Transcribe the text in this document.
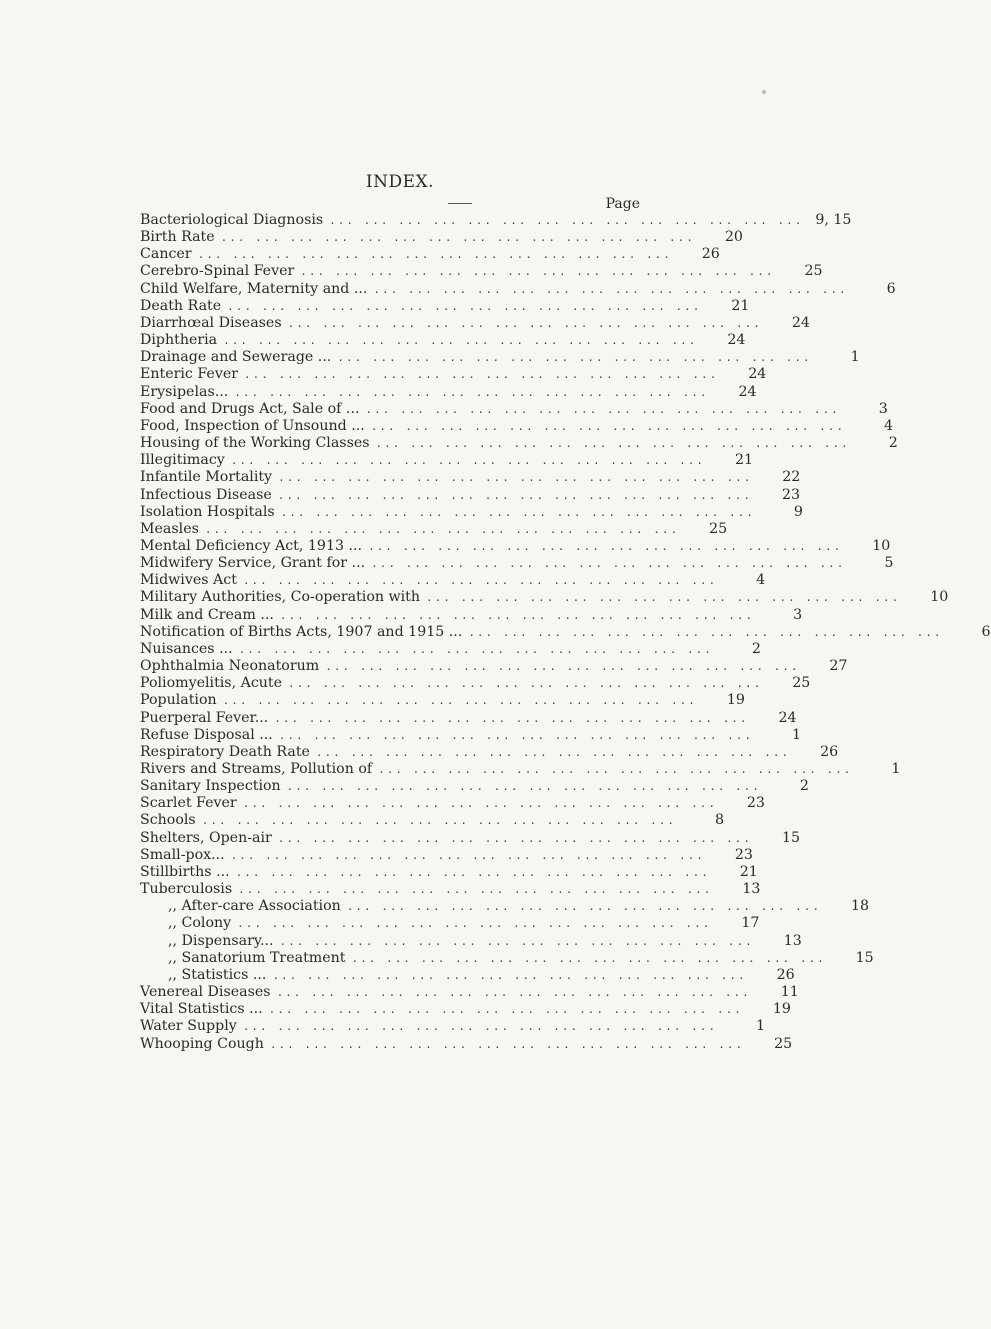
INDEX.
Page
Bacteriological Diagnosis ... ... ... ... ... ... ... ... ... ... ... ... ... ... 9, 15
Birth Rate ... ... ... ... ... ... ... ... ... ... ... ... ... ...	20
Cancer ... ... ... ... ... ... ... ... ... ... ... ... ... ...	26
Cerebro-Spinal Fever ... ... ... ... ... ... ... ... ... ... ... ... ... ...	25
Child Welfare, Maternity and ... ... ... ... ... ... ... ... ... ... ... ... ... ... ...	6
Death Rate ... ... ... ... ... ... ... ... ... ... ... ... ... ...	21
Diarrhœal Diseases ... ... ... ... ... ... ... ... ... ... ... ... ... ...	24
Diphtheria ... ... ... ... ... ... ... ... ... ... ... ... ... ...	24
Drainage and Sewerage ... ... ... ... ... ... ... ... ... ... ... ... ... ... ...	1
Enteric Fever ... ... ... ... ... ... ... ... ... ... ... ... ... ...	24
Erysipelas... ... ... ... ... ... ... ... ... ... ... ... ... ... ...	24
Food and Drugs Act, Sale of ... ... ... ... ... ... ... ... ... ... ... ... ... ... ...	3
Food, Inspection of Unsound ... ... ... ... ... ... ... ... ... ... ... ... ... ... ...	4
Housing of the Working Classes ... ... ... ... ... ... ... ... ... ... ... ... ... ...	2
Illegitimacy ... ... ... ... ... ... ... ... ... ... ... ... ... ...	21
Infantile Mortality ... ... ... ... ... ... ... ... ... ... ... ... ... ...	22
Infectious Disease ... ... ... ... ... ... ... ... ... ... ... ... ... ...	23
Isolation Hospitals ... ... ... ... ... ... ... ... ... ... ... ... ... ...	9
Measles ... ... ... ... ... ... ... ... ... ... ... ... ... ...	25
Mental Deficiency Act, 1913 ... ... ... ... ... ... ... ... ... ... ... ... ... ... ...	10
Midwifery Service, Grant for ... ... ... ... ... ... ... ... ... ... ... ... ... ... ...	5
Midwives Act ... ... ... ... ... ... ... ... ... ... ... ... ... ...	4
Military Authorities, Co-operation with ... ... ... ... ... ... ... ... ... ... ... ... ... ...	10
Milk and Cream ... ... ... ... ... ... ... ... ... ... ... ... ... ... ...	3
Notification of Births Acts, 1907 and 1915 ... ... ... ... ... ... ... ... ... ... ... ... ... ... ...	6
Nuisances ... ... ... ... ... ... ... ... ... ... ... ... ... ... ...	2
Ophthalmia Neonatorum ... ... ... ... ... ... ... ... ... ... ... ... ... ...	27
Poliomyelitis, Acute ... ... ... ... ... ... ... ... ... ... ... ... ... ...	25
Population ... ... ... ... ... ... ... ... ... ... ... ... ... ...	19
Puerperal Fever... ... ... ... ... ... ... ... ... ... ... ... ... ... ...	24
Refuse Disposal ... ... ... ... ... ... ... ... ... ... ... ... ... ... ...	1
Respiratory Death Rate ... ... ... ... ... ... ... ... ... ... ... ... ... ...	26
Rivers and Streams, Pollution of ... ... ... ... ... ... ... ... ... ... ... ... ... ...	1
Sanitary Inspection ... ... ... ... ... ... ... ... ... ... ... ... ... ...	2
Scarlet Fever ... ... ... ... ... ... ... ... ... ... ... ... ... ...	23
Schools ... ... ... ... ... ... ... ... ... ... ... ... ... ...	8
Shelters, Open-air ... ... ... ... ... ... ... ... ... ... ... ... ... ...	15
Small-pox... ... ... ... ... ... ... ... ... ... ... ... ... ... ...	23
Stillbirths ... ... ... ... ... ... ... ... ... ... ... ... ... ... ...	21
Tuberculosis ... ... ... ... ... ... ... ... ... ... ... ... ... ...	13
,, After-care Association ... ... ... ... ... ... ... ... ... ... ... ... ... ...	18
,, Colony ... ... ... ... ... ... ... ... ... ... ... ... ... ...	17
,, Dispensary... ... ... ... ... ... ... ... ... ... ... ... ... ... ...	13
,, Sanatorium Treatment ... ... ... ... ... ... ... ... ... ... ... ... ... ...	15
,, Statistics ... ... ... ... ... ... ... ... ... ... ... ... ... ... ...	26
Venereal Diseases ... ... ... ... ... ... ... ... ... ... ... ... ... ...	11
Vital Statistics ... ... ... ... ... ... ... ... ... ... ... ... ... ... ...	19
Water Supply ... ... ... ... ... ... ... ... ... ... ... ... ... ...	1
Whooping Cough ... ... ... ... ... ... ... ... ... ... ... ... ... ...	25
